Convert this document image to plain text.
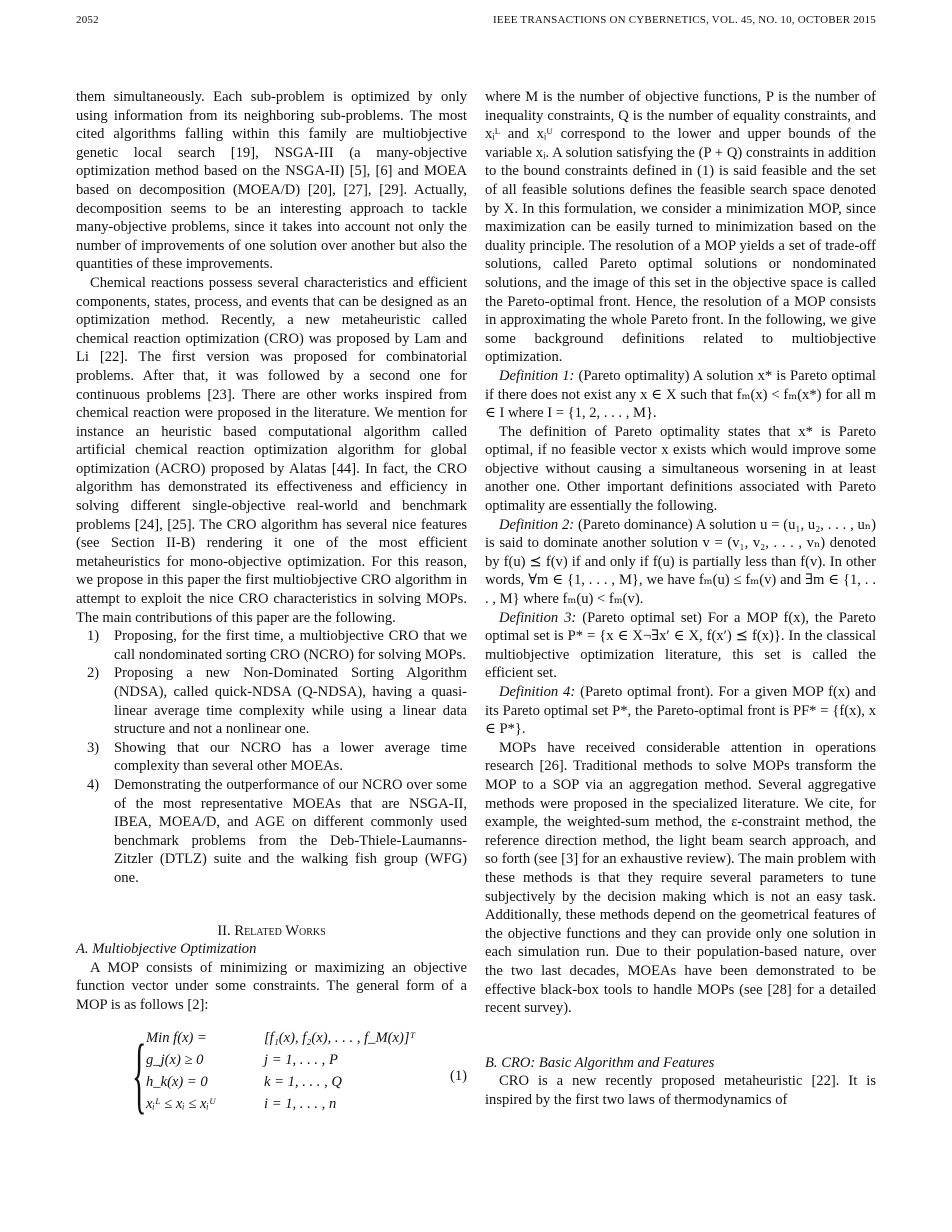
2052	IEEE TRANSACTIONS ON CYBERNETICS, VOL. 45, NO. 10, OCTOBER 2015

them simultaneously. Each sub-problem is optimized by only using information from its neighboring sub-problems. The most cited algorithms falling within this family are multiobjective genetic local search [19], NSGA-III (a many-objective optimization method based on the NSGA-II) [5], [6] and MOEA based on decomposition (MOEA/D) [20], [27], [29]. Actually, decomposition seems to be an interesting approach to tackle many-objective problems, since it takes into account not only the number of improvements of one solution over another but also the quantities of these improvements.

Chemical reactions possess several characteristics and efficient components, states, process, and events that can be designed as an optimization method. Recently, a new metaheuristic called chemical reaction optimization (CRO) was proposed by Lam and Li [22]. The first version was proposed for combinatorial problems. After that, it was followed by a second one for continuous problems [23]. There are other works inspired from chemical reaction were proposed in the literature. We mention for instance an heuristic based computational algorithm called artificial chemical reaction optimization algorithm for global optimization (ACRO) proposed by Alatas [44]. In fact, the CRO algorithm has demonstrated its effectiveness and efficiency in solving different single-objective real-world and benchmark problems [24], [25]. The CRO algorithm has several nice features (see Section II-B) rendering it one of the most efficient metaheuristics for mono-objective optimization. For this reason, we propose in this paper the first multiobjective CRO algorithm in attempt to exploit the nice CRO characteristics in solving MOPs. The main contributions of this paper are the following.

1) Proposing, for the first time, a multiobjective CRO that we call nondominated sorting CRO (NCRO) for solving MOPs.
2) Proposing a new Non-Dominated Sorting Algorithm (NDSA), called quick-NDSA (Q-NDSA), having a quasi-linear average time complexity while using a linear data structure and not a nonlinear one.
3) Showing that our NCRO has a lower average time complexity than several other MOEAs.
4) Demonstrating the outperformance of our NCRO over some of the most representative MOEAs that are NSGA-II, IBEA, MOEA/D, and AGE on different commonly used benchmark problems from the Deb-Thiele-Laumanns-Zitzler (DTLZ) suite and the walking fish group (WFG) one.
II. Related Works

A. Multiobjective Optimization

A MOP consists of minimizing or maximizing an objective function vector under some constraints. The general form of a MOP is as follows [2]:

{ Min f(x) =	[f₁(x), f₂(x), . . . , f_M(x)]ᵀ
g_j(x) ≥ 0	j = 1, . . . , P
h_k(x) = 0	k = 1, . . . , Q
xᵢᴸ ≤ xᵢ ≤ xᵢᵁ	i = 1, . . . , n
(1)

where M is the number of objective functions, P is the number of inequality constraints, Q is the number of equality constraints, and xᵢᴸ and xᵢᵁ correspond to the lower and upper bounds of the variable xᵢ. A solution satisfying the (P + Q) constraints in addition to the bound constraints defined in (1) is said feasible and the set of all feasible solutions defines the feasible search space denoted by X. In this formulation, we consider a minimization MOP, since maximization can be easily turned to minimization based on the duality principle. The resolution of a MOP yields a set of trade-off solutions, called Pareto optimal solutions or nondominated solutions, and the image of this set in the objective space is called the Pareto-optimal front. Hence, the resolution of a MOP consists in approximating the whole Pareto front. In the following, we give some background definitions related to multiobjective optimization.

Definition 1: (Pareto optimality) A solution x* is Pareto optimal if there does not exist any x ∈ X such that fₘ(x) < fₘ(x*) for all m ∈ I where I = {1, 2, . . . , M}.

The definition of Pareto optimality states that x* is Pareto optimal, if no feasible vector x exists which would improve some objective without causing a simultaneous worsening in at least another one. Other important definitions associated with Pareto optimality are essentially the following.

Definition 2: (Pareto dominance) A solution u = (u₁, u₂, . . . , uₙ) is said to dominate another solution v = (v₁, v₂, . . . , vₙ) denoted by f(u) ⪯ f(v) if and only if f(u) is partially less than f(v). In other words, ∀m ∈ {1, . . . , M}, we have fₘ(u) ≤ fₘ(v) and ∃m ∈ {1, . . . , M} where fₘ(u) < fₘ(v).

Definition 3: (Pareto optimal set) For a MOP f(x), the Pareto optimal set is P* = {x ∈ X¬∃x′ ∈ X, f(x′) ⪯ f(x)}. In the classical multiobjective optimization literature, this set is called the efficient set.

Definition 4: (Pareto optimal front). For a given MOP f(x) and its Pareto optimal set P*, the Pareto-optimal front is PF* = {f(x), x ∈ P*}.

MOPs have received considerable attention in operations research [26]. Traditional methods to solve MOPs transform the MOP to a SOP via an aggregation method. Several aggregative methods were proposed in the specialized literature. We cite, for example, the weighted-sum method, the ε-constraint method, the reference direction method, the light beam search approach, and so forth (see [3] for an exhaustive review). The main problem with these methods is that they require several parameters to tune subjectively by the decision making which is not an easy task. Additionally, these methods depend on the geometrical features of the objective functions and they can provide only one solution in each simulation run. Due to their population-based nature, over the two last decades, MOEAs have been demonstrated to be effective black-box tools to handle MOPs (see [28] for a detailed recent survey).

B. CRO: Basic Algorithm and Features

CRO is a new recently proposed metaheuristic [22]. It is inspired by the first two laws of thermodynamics of
